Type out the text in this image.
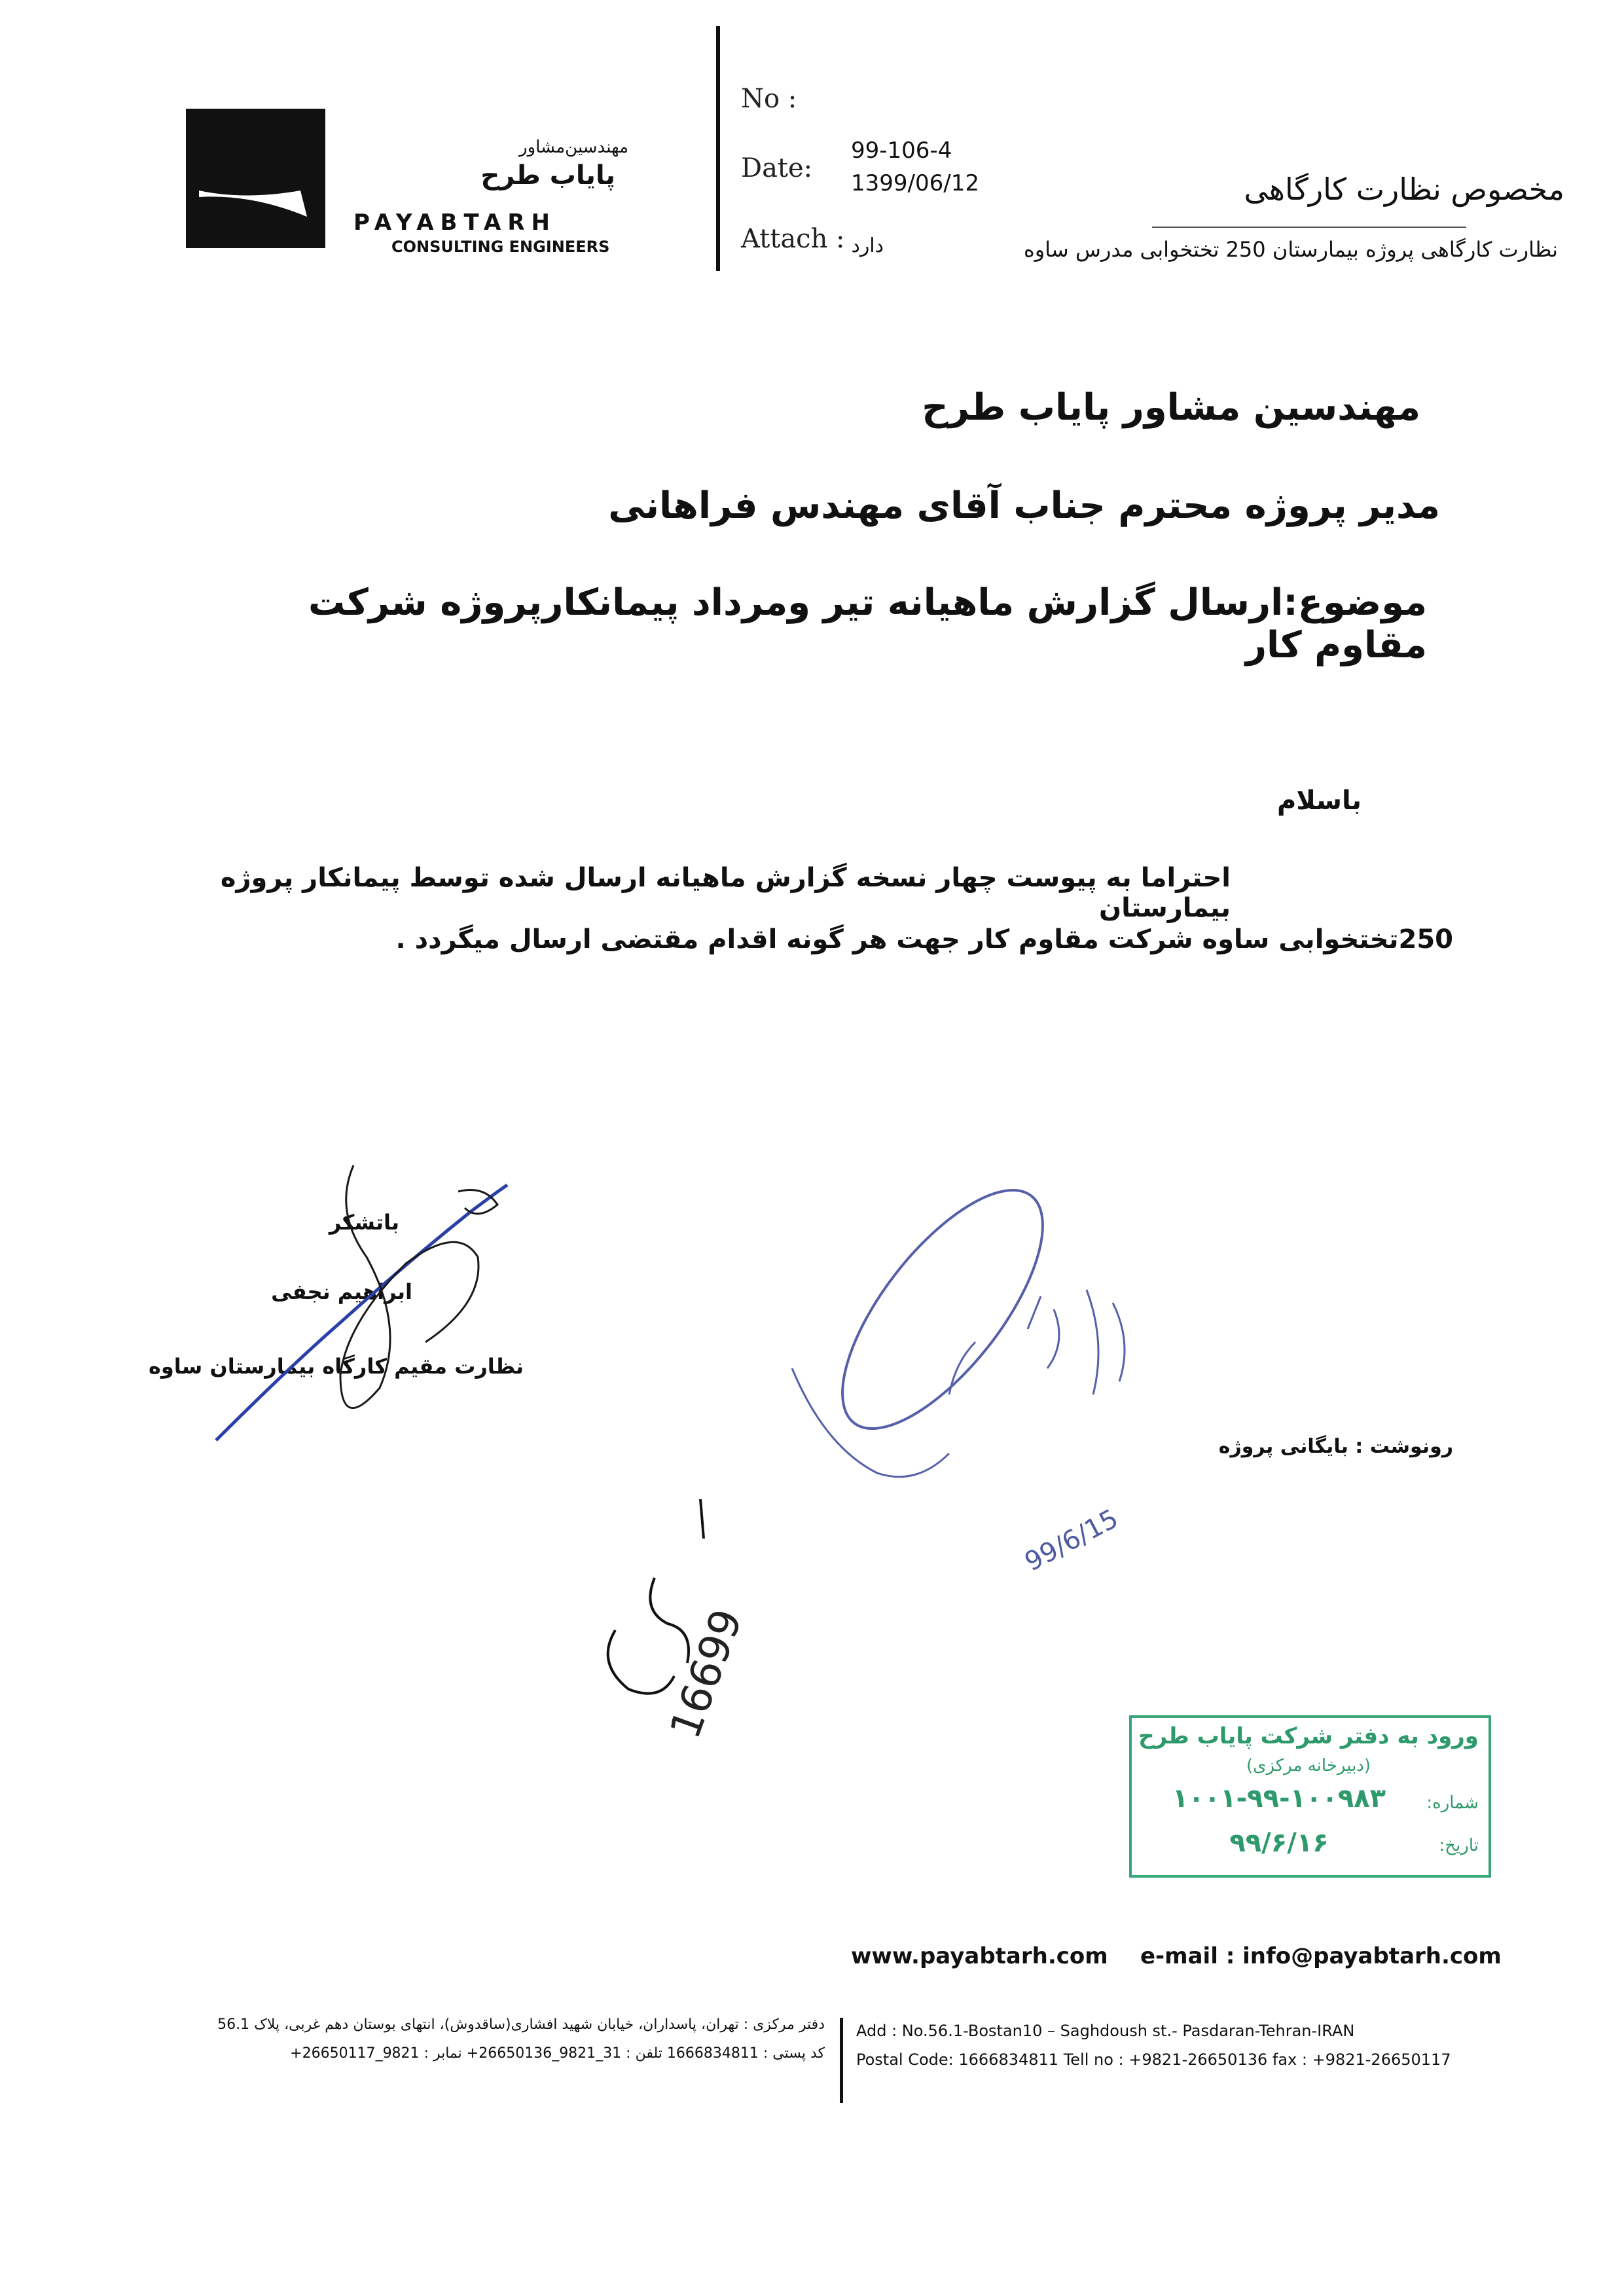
مهندسین‌مشاور
پایاب طرح
PAYABTARH
CONSULTING ENGINEERS
No :
Date:
Attach :
99-106-4
1399/06/12
دارد
مخصوص نظارت کارگاهی
نظارت کارگاهی پروژه بیمارستان 250 تختخوابی مدرس ساوه
مهندسین مشاور پایاب طرح
مدیر پروژه محترم جناب آقای مهندس فراهانی
موضوع:ارسال گزارش ماهیانه تیر ومرداد پیمانکارپروژه شرکت مقاوم کار
باسلام
احتراما به پیوست چهار نسخه گزارش ماهیانه ارسال شده توسط پیمانکار پروژه بیمارستان
250تختخوابی ساوه شرکت مقاوم کار جهت هر گونه اقدام مقتضی ارسال میگردد .
باتشکر
ابراهیم نجفی
نظارت مقیم کارگاه بیمارستان ساوه
رونوشت : بایگانی پروژه
99/6/15
16699	ورود به دفتر شرکت پایاب طرح
(دبیرخانه مرکزی)
شماره:
۱۰۰۱-۹۹-۱۰۰۹۸۳
تاریخ:
۹۹/۶/۱۶
www.payabtarh.com e-mail : info@payabtarh.com
دفتر مرکزی : تهران، پاسداران، خیابان شهید افشاری(ساقدوش)، انتهای بوستان دهم غربی، پلاک 56.1
کد پستی : 1666834811 تلفن : 31_9821_26650136+ نمابر : 9821_26650117+
Add : No.56.1-Bostan10 – Saghdoush st.- Pasdaran-Tehran-IRAN
Postal Code: 1666834811 Tell no : +9821-26650136 fax : +9821-26650117
